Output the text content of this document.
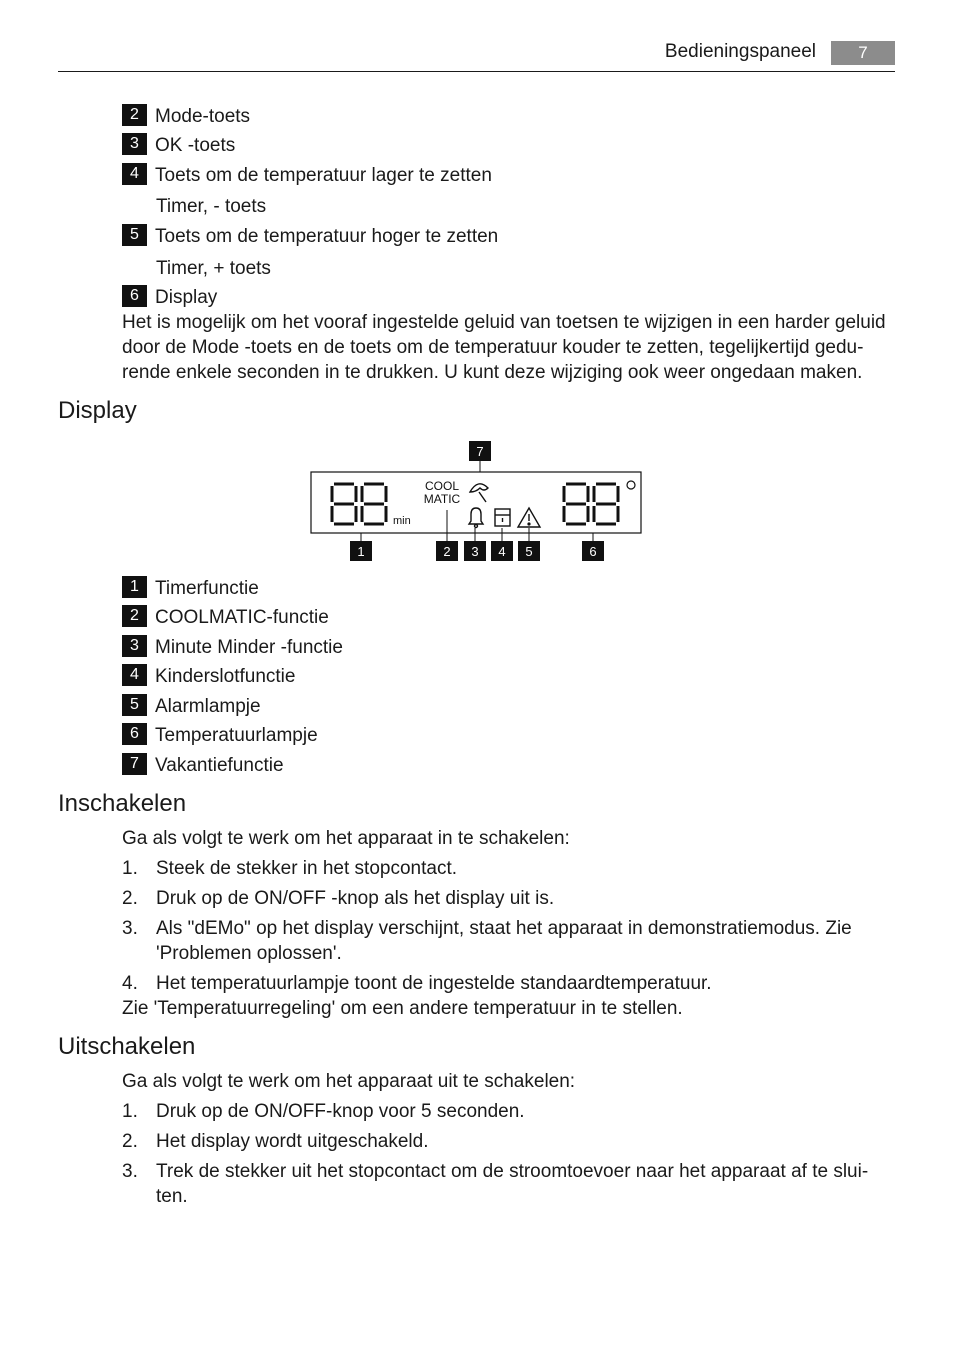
Bedieningspaneel	7
2 Mode-toets
3 OK -toets
4 Toets om de temperatuur lager te zetten
Timer, - toets
5 Toets om de temperatuur hoger te zetten
Timer, + toets
6 Display
Het is mogelijk om het vooraf ingestelde geluid van toetsen te wijzigen in een harder geluid
door de Mode -toets en de toets om de temperatuur kouder te zetten, tegelijkertijd gedu-
rende enkele seconden in te drukken. U kunt deze wijziging ook weer ongedaan maken.
Display
7
min
COOL
MATIC
1	2 3 4 5	6
1 Timerfunctie
2 COOLMATIC-functie
3 Minute Minder -functie
4 Kinderslotfunctie
5 Alarmlampje
6 Temperatuurlampje
7 Vakantiefunctie
Inschakelen
Ga als volgt te werk om het apparaat in te schakelen:
1. Steek de stekker in het stopcontact.
2. Druk op de ON/OFF -knop als het display uit is.
3. Als "dEMo" op het display verschijnt, staat het apparaat in demonstratiemodus. Zie
'Problemen oplossen'.
4. Het temperatuurlampje toont de ingestelde standaardtemperatuur.
Zie 'Temperatuurregeling' om een andere temperatuur in te stellen.
Uitschakelen
Ga als volgt te werk om het apparaat uit te schakelen:
1. Druk op de ON/OFF-knop voor 5 seconden.
2. Het display wordt uitgeschakeld.
3. Trek de stekker uit het stopcontact om de stroomtoevoer naar het apparaat af te slui-
ten.
